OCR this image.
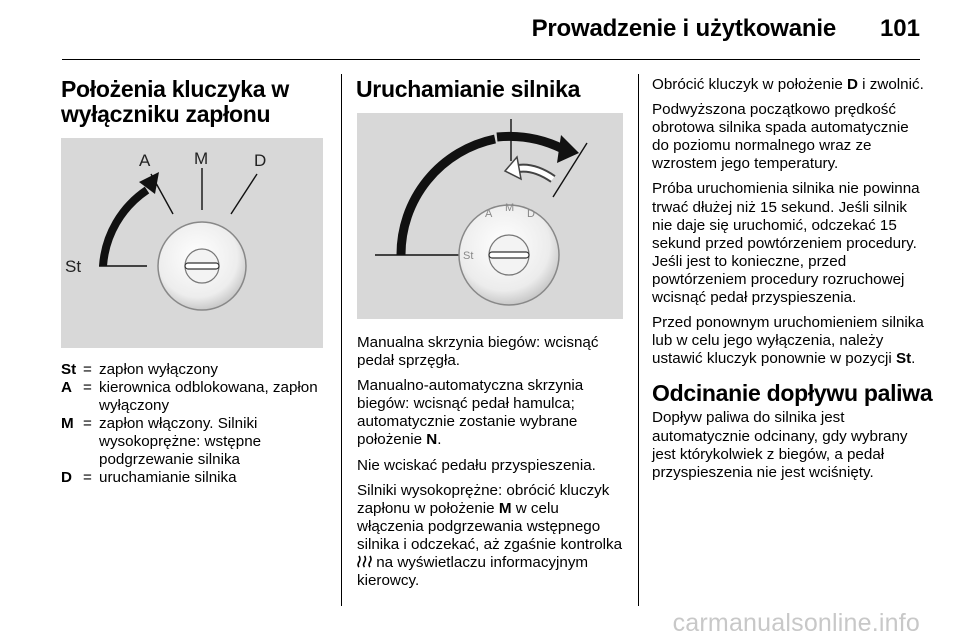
Prowadzenie i użytkowanie 101
Położenia kluczyka w wyłączniku zapłonu
St
A	M	D
St = zapłon wyłączony
A = kierownica odblokowana, zapłon wyłączony
M = zapłon włączony. Silniki wysokoprężne: wstępne podgrzewanie silnika
D = uruchamianie silnika
Uruchamianie silnika
St
A M D

Manualna skrzynia biegów: wcisnąć pedał sprzęgła.

Manualno-automatyczna skrzynia biegów: wcisnąć pedał hamulca; automatycznie zostanie wybrane położenie N.

Nie wciskać pedału przyspieszenia.

Silniki wysokoprężne: obrócić kluczyk zapłonu w położenie M w celu włączenia podgrzewania wstępnego silnika i odczekać, aż zgaśnie kontrolka  na wyświetlaczu informacyjnym kierowcy.

Obrócić kluczyk w położenie D i zwolnić.

Podwyższona początkowo prędkość obrotowa silnika spada automatycznie do poziomu normalnego wraz ze wzrostem jego temperatury.

Próba uruchomienia silnika nie powinna trwać dłużej niż 15 sekund. Jeśli silnik nie daje się uruchomić, odczekać 15 sekund przed powtórzeniem procedury. Jeśli jest to konieczne, przed powtórzeniem procedury rozruchowej wcisnąć pedał przyspieszenia.

Przed ponownym uruchomieniem silnika lub w celu jego wyłączenia, należy ustawić kluczyk ponownie w pozycji St.

Odcinanie dopływu paliwa

Dopływ paliwa do silnika jest automatycznie odcinany, gdy wybrany jest którykolwiek z biegów, a pedał przyspieszenia nie jest wciśnięty.

carmanualsonline.info
